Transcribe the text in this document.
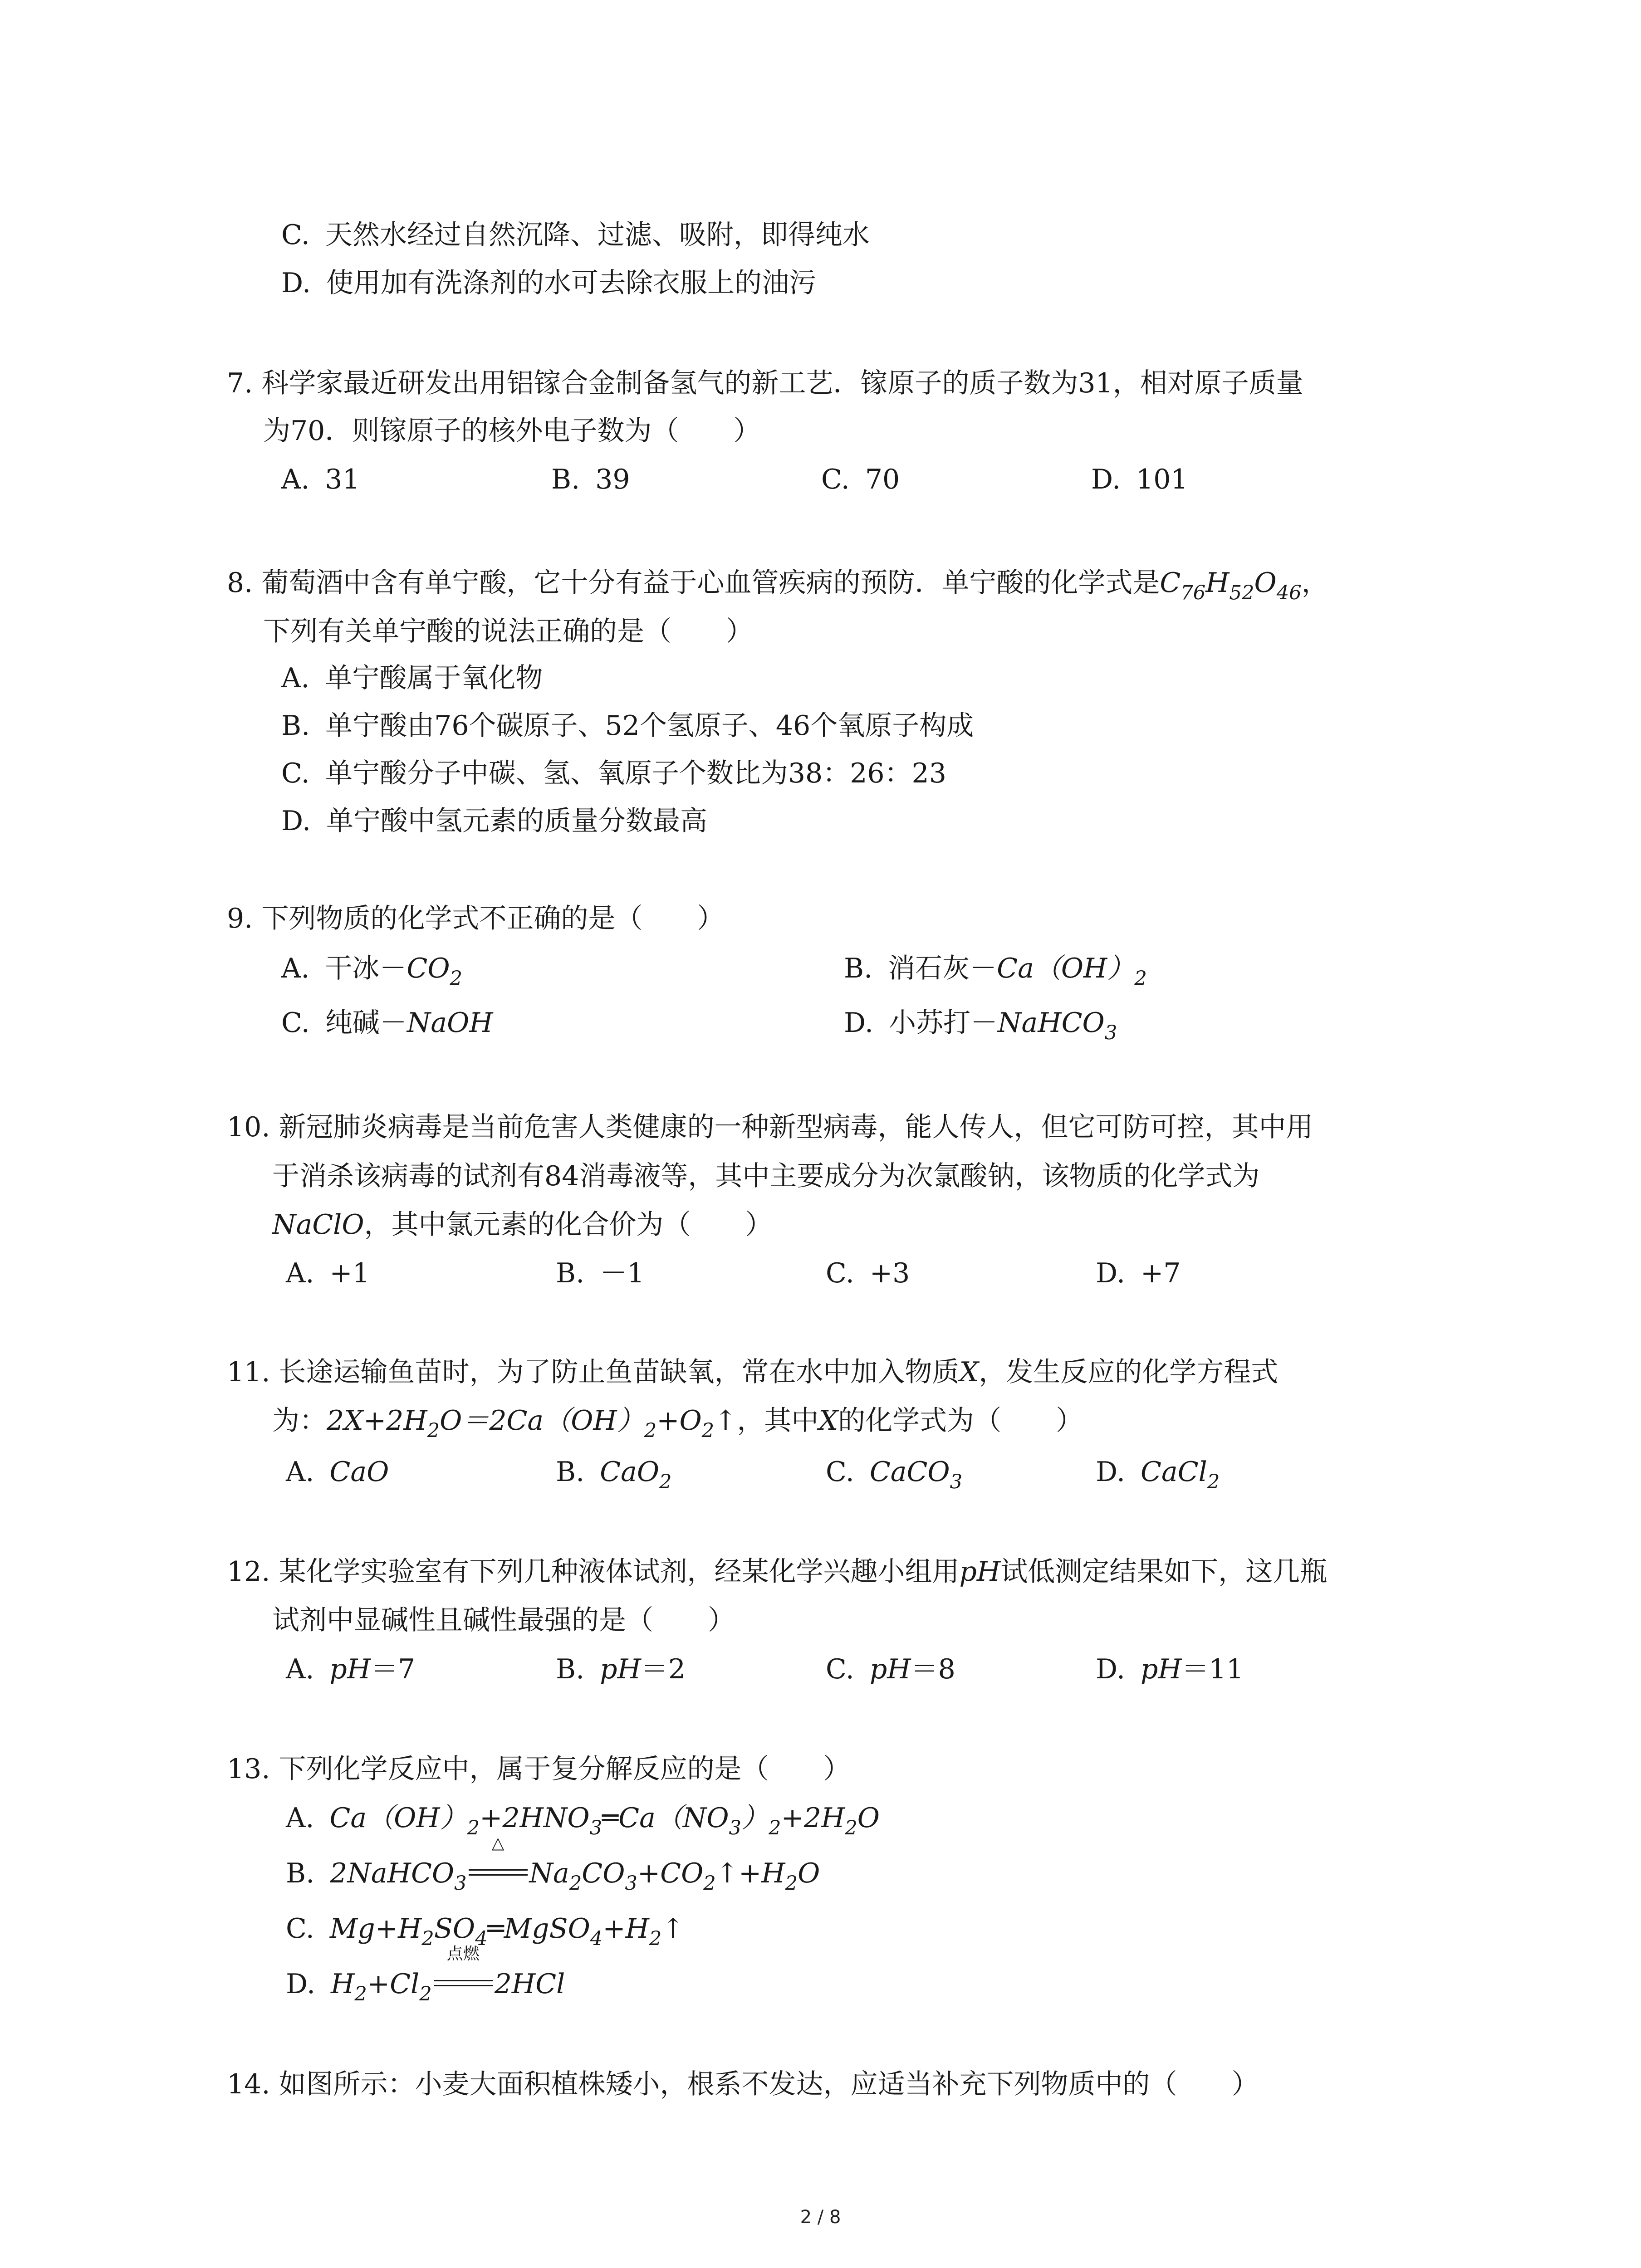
C. 天然水经过自然沉降、过滤、吸附，即得纯水
D. 使用加有洗涤剂的水可去除衣服上的油污
7. 科学家最近研发出用铝镓合金制备氢气的新工艺．镓原子的质子数为31，相对原子质量
为70．则镓原子的核外电子数为（　　）
A. 31	B. 39	C. 70	D. 101
8. 葡萄酒中含有单宁酸，它十分有益于心血管疾病的预防．单宁酸的化学式是$C_{76}H_{52}O_{46}$，
下列有关单宁酸的说法正确的是（　　）
A. 单宁酸属于氧化物
B. 单宁酸由76个碳原子、52个氢原子、46个氧原子构成
C. 单宁酸分子中碳、氢、氧原子个数比为38：26：23
D. 单宁酸中氢元素的质量分数最高
9. 下列物质的化学式不正确的是（　　）
A. 干冰$-CO_2$	B. 消石灰$-Ca(OH)_2$
C. 纯碱－NaOH	D. 小苏打－NaHCO$_3$
10. 新冠肺炎病毒是当前危害人类健康的一种新型病毒，能人传人，但它可防可控，其中用
于消杀该病毒的试剂有84消毒液等，其中主要成分为次氯酸钠，该物质的化学式为
NaClO，其中氯元素的化合价为（　　）
A. +1	B. －1	C. +3	D. +7
11. 长途运输鱼苗时，为了防止鱼苗缺氧，常在水中加入物质X，发生反应的化学方程式
为：$2X+2H_2O=2Ca(OH)_2+O_2↑$，其中X的化学式为（　　）
A. CaO	B. CaO$_2$	C. CaCO$_3$	D. CaCl$_2$
12. 某化学实验室有下列几种液体试剂，经某化学兴趣小组用pH试低测定结果如下，这几瓶
试剂中显碱性且碱性最强的是（　　）
A. pH＝7	B. pH＝2	C. pH＝8	D. pH＝11
13. 下列化学反应中，属于复分解反应的是（　　）
A. $Ca(OH)_2+2HNO_3═Ca(NO_3)_2+2H_2O$
B. 2NaHCO$_3$
△
$Na_2CO_3+CO_2↑+H_2O$
C. $Mg+H_2SO_4═MgSO_4+H_2↑$
D. $H_2+Cl_2$
点燃
2HCl
14. 如图所示：小麦大面积植株矮小，根系不发达，应适当补充下列物质中的（　　）
2 / 8
